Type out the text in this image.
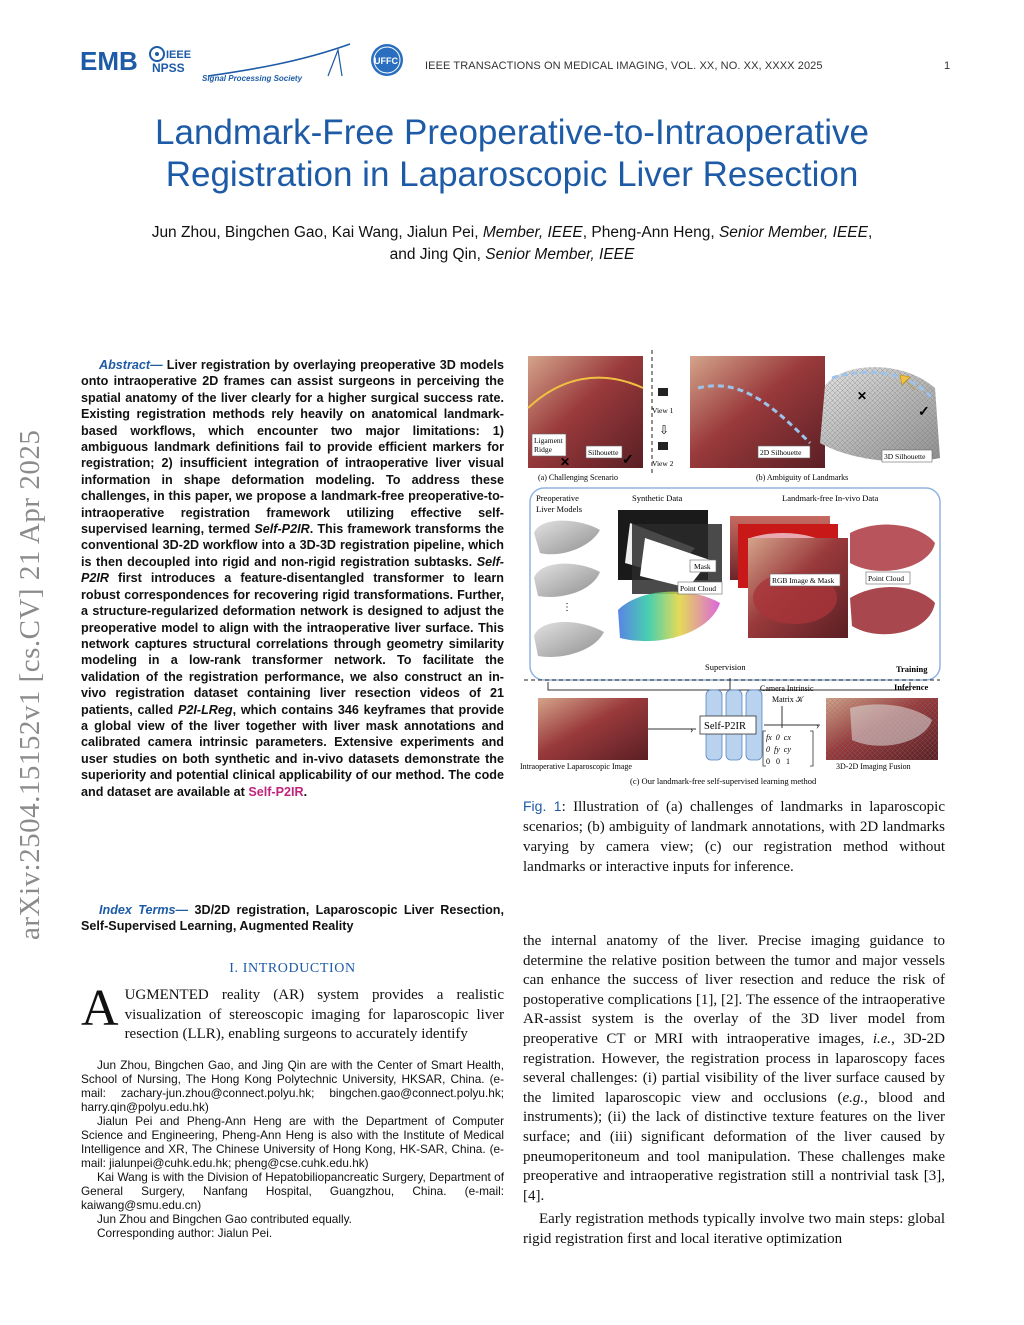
EMB	IEEE
NPSS
Signal Processing Society
UFFC IEEE TRANSACTIONS ON MEDICAL IMAGING, VOL. XX, NO. XX, XXXX 2025	1
Landmark-Free Preoperative-to-Intraoperative
Registration in Laparoscopic Liver Resection
Jun Zhou, Bingchen Gao, Kai Wang, Jialun Pei, Member, IEEE, Pheng-Ann Heng, Senior Member, IEEE,
and Jing Qin, Senior Member, IEEE
arXiv:2504.15152v1 [cs.CV] 21 Apr 2025

Abstract— Liver registration by overlaying preoperative 3D models onto intraoperative 2D frames can assist surgeons in perceiving the spatial anatomy of the liver clearly for a higher surgical success rate. Existing registration methods rely heavily on anatomical landmark-based workflows, which encounter two major limitations: 1) ambiguous landmark definitions fail to provide efficient markers for registration; 2) insufficient integration of intraoperative liver visual information in shape deformation modeling. To address these challenges, in this paper, we propose a landmark-free preoperative-to-intraoperative registration framework utilizing effective self-supervised learning, termed Self-P2IR. This framework transforms the conventional 3D-2D workflow into a 3D-3D registration pipeline, which is then decoupled into rigid and non-rigid registration subtasks. Self-P2IR first introduces a feature-disentangled transformer to learn robust correspondences for recovering rigid transformations. Further, a structure-regularized deformation network is designed to adjust the preoperative model to align with the intraoperative liver surface. This network captures structural correlations through geometry similarity modeling in a low-rank transformer network. To facilitate the validation of the registration performance, we also construct an in-vivo registration dataset containing liver resection videos of 21 patients, called P2I-LReg, which contains 346 keyframes that provide a global view of the liver together with liver mask annotations and calibrated camera intrinsic parameters. Extensive experiments and user studies on both synthetic and in-vivo datasets demonstrate the superiority and potential clinical applicability of our method. The code and dataset are available at Self-P2IR.

Index Terms— 3D/2D registration, Laparoscopic Liver Resection, Self-Supervised Learning, Augmented Reality

I. INTRODUCTION
AUGMENTED reality (AR) system provides a realistic visualization of stereoscopic imaging for laparoscopic liver resection (LLR), enabling surgeons to accurately identify

Jun Zhou, Bingchen Gao, and Jing Qin are with the Center of Smart Health, School of Nursing, The Hong Kong Polytechnic University, HKSAR, China. (e-mail: zachary-jun.zhou@connect.polyu.hk; bingchen.gao@connect.polyu.hk; harry.qin@polyu.edu.hk)

Jialun Pei and Pheng-Ann Heng are with the Department of Computer Science and Engineering, Pheng-Ann Heng is also with the Institute of Medical Intelligence and XR, The Chinese University of Hong Kong, HK-SAR, China. (e-mail: jialunpei@cuhk.edu.hk; pheng@cse.cuhk.edu.hk)

Kai Wang is with the Division of Hepatobiliopancreatic Surgery, Department of General Surgery, Nanfang Hospital, Guangzhou, China. (e-mail: kaiwang@smu.edu.cn)

Jun Zhou and Bingchen Gao contributed equally.

Corresponding author: Jialun Pei.

Ligament
Ridge	Silhouette
✕	✓
(a) Challenging Scenario
View 1
⇩
View 2
2D Silhouette
✕
✓
3D Silhouette
(b) Ambiguity of Landmarks
Preoperative
Liver Models
Synthetic Data	Landmark-free In-vivo Data
⋮
Mask
Point Cloud
RGB Image & Mask	Point Cloud
Supervision	Training
Inference
Intraoperative Laparoscopic Image
› Self-P2IR
Camera Intrinsic
Matrix 𝒦
fx  0  cx
0  fy  cy
0   0   1
›
3D-2D Imaging Fusion
(c) Our landmark-free self-supervised learning method
Fig. 1: Illustration of (a) challenges of landmarks in laparoscopic scenarios; (b) ambiguity of landmark annotations, with 2D landmarks varying by camera view; (c) our registration method without landmarks or interactive inputs for inference.

the internal anatomy of the liver. Precise imaging guidance to determine the relative position between the tumor and major vessels can enhance the success of liver resection and reduce the risk of postoperative complications [1], [2]. The essence of the intraoperative AR-assist system is the overlay of the 3D liver model from preoperative CT or MRI with intraoperative images, i.e., 3D-2D registration. However, the registration process in laparoscopy faces several challenges: (i) partial visibility of the liver surface caused by the limited laparoscopic view and occlusions (e.g., blood and instruments); (ii) the lack of distinctive texture features on the liver surface; and (iii) significant deformation of the liver caused by pneumoperitoneum and tool manipulation. These challenges make preoperative and intraoperative registration still a nontrivial task [3], [4].

Early registration methods typically involve two main steps: global rigid registration first and local iterative optimization
